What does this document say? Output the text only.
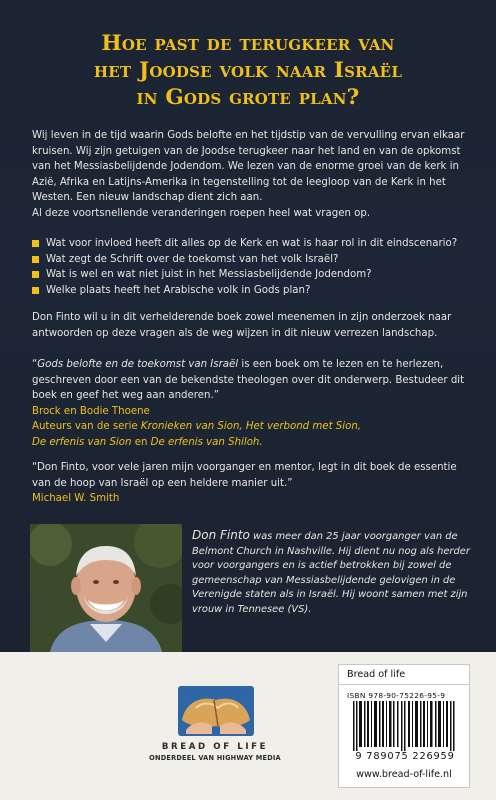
Hoe past de terugkeer van
het Joodse volk naar Israël
in Gods grote plan?

Wij leven in de tijd waarin Gods belofte en het tijdstip van de vervulling ervan elkaar kruisen. Wij zijn getuigen van de Joodse terugkeer naar het land en van de opkomst van het Messiasbelijdende Jodendom. We lezen van de enorme groei van de kerk in Azië, Afrika en Latijns-Amerika in tegenstelling tot de leegloop van de Kerk in het Westen. Een nieuw landschap dient zich aan.

Al deze voortsnellende veranderingen roepen heel wat vragen op.

Wat voor invloed heeft dit alles op de Kerk en wat is haar rol in dit eindscenario?
Wat zegt de Schrift over de toekomst van het volk Israël?
Wat is wel en wat niet juist in het Messiasbelijdende Jodendom?
Welke plaats heeft het Arabische volk in Gods plan?

Don Finto wil u in dit verhelderende boek zowel meenemen in zijn onderzoek naar antwoorden op deze vragen als de weg wijzen in dit nieuw verrezen landschap.

“Gods belofte en de toekomst van Israël is een boek om te lezen en te herlezen, geschreven door een van de bekendste theologen over dit onderwerp. Bestudeer dit boek en geef het weg aan anderen.”

Brock en Bodie Thoene

Auteurs van de serie Kronieken van Sion, Het verbond met Sion,

De erfenis van Sion en De erfenis van Shiloh.

“Don Finto, voor vele jaren mijn voorganger en mentor, legt in dit boek de essentie van de hoop van Israël op een heldere manier uit.”

Michael W. Smith

Don Finto was meer dan 25 jaar voorganger van de Belmont Church in Nashville. Hij dient nu nog als herder voor voorgangers en is actief betrokken bij zowel de gemeenschap van Messiasbelijdende gelovigen in de Verenigde staten als in Israël. Hij woont samen met zijn vrouw in Tennesee (VS).

BREAD OF LIFE
ONDERDEEL VAN HIGHWAY MEDIA
Bread of life
ISBN 978-90-75226-95-9
9 789075 226959
www.bread-of-life.nl
